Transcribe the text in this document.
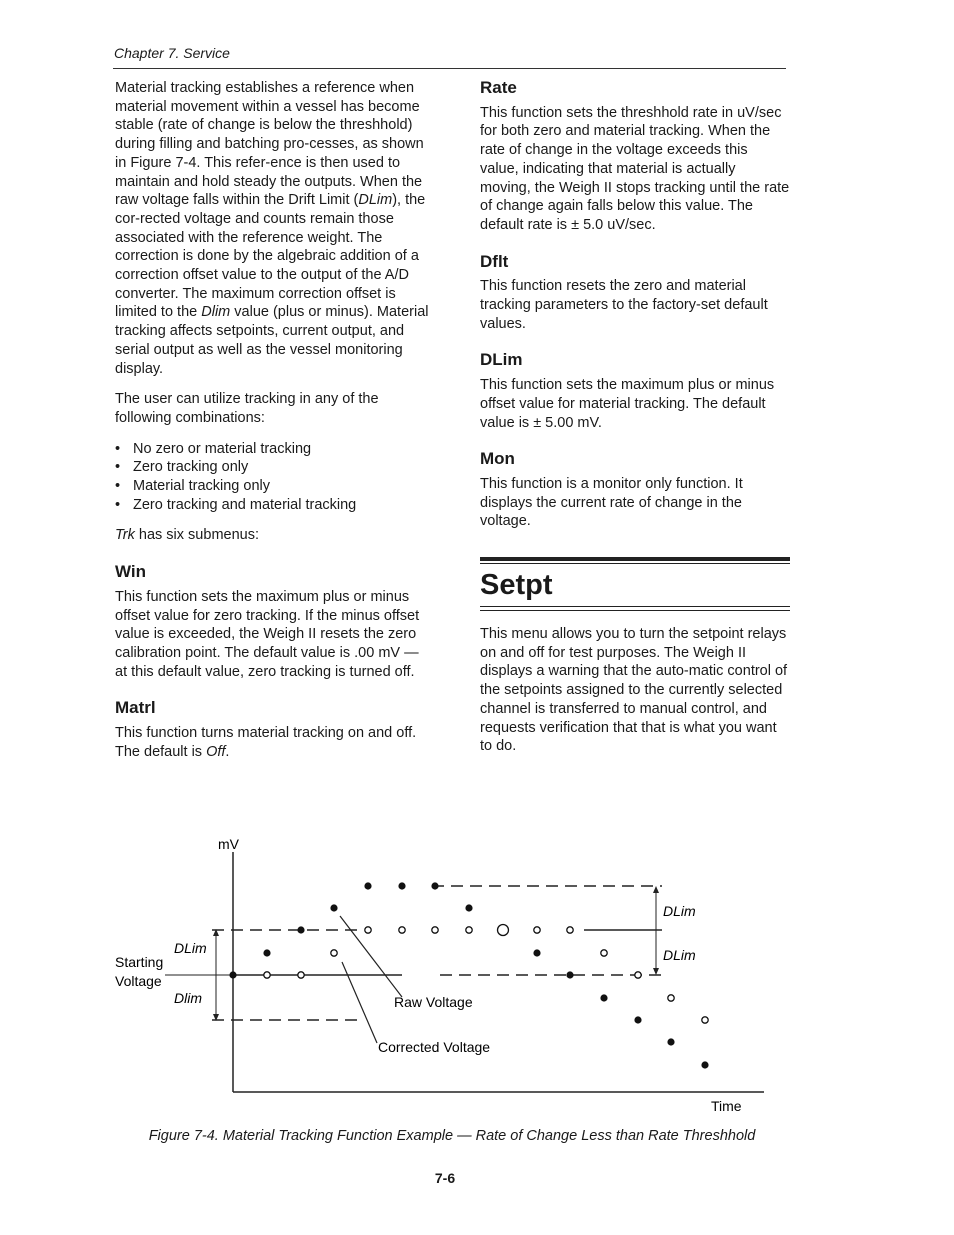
Chapter 7. Service

Material tracking establishes a reference when material movement within a vessel has become stable (rate of change is below the threshhold) during filling and batching pro-cesses, as shown in Figure 7-4. This refer-ence is then used to maintain and hold steady the outputs. When the raw voltage falls within the Drift Limit (DLim), the cor-rected voltage and counts remain those associated with the reference weight. The correction is done by the algebraic addition of a correction offset value to the output of the A/D converter. The maximum correction offset is limited to the Dlim value (plus or minus). Material tracking affects setpoints, current output, and serial output as well as the vessel monitoring display.

The user can utilize tracking in any of the following combinations:

• No zero or material tracking
• Zero tracking only
• Material tracking only
• Zero tracking and material tracking

Trk has six submenus:

Win

This function sets the maximum plus or minus offset value for zero tracking. If the minus offset value is exceeded, the Weigh II resets the zero calibration point. The default value is .00 mV — at this default value, zero tracking is turned off.

Matrl

This function turns material tracking on and off. The default is Off.

Rate

This function sets the threshhold rate in uV/sec for both zero and material tracking. When the rate of change in the voltage exceeds this value, indicating that material is actually moving, the Weigh II stops tracking until the rate of change again falls below this value. The default rate is ± 5.0 uV/sec.

Dflt

This function resets the zero and material tracking parameters to the factory-set default values.

DLim

This function sets the maximum plus or minus offset value for material tracking. The default value is ± 5.00 mV.

Mon

This function is a monitor only function. It displays the current rate of change in the voltage.

Setpt

This menu allows you to turn the setpoint relays on and off for test purposes. The Weigh II displays a warning that the auto-matic control of the setpoints assigned to the currently selected channel is transferred to manual control, and requests verification that that is what you want to do.

mV
Time
Starting
Voltage
DLim
Dlim
DLim
DLim
Raw Voltage
Corrected Voltage
Figure 7-4. Material Tracking Function Example — Rate of Change Less than Rate Threshhold
7-6
